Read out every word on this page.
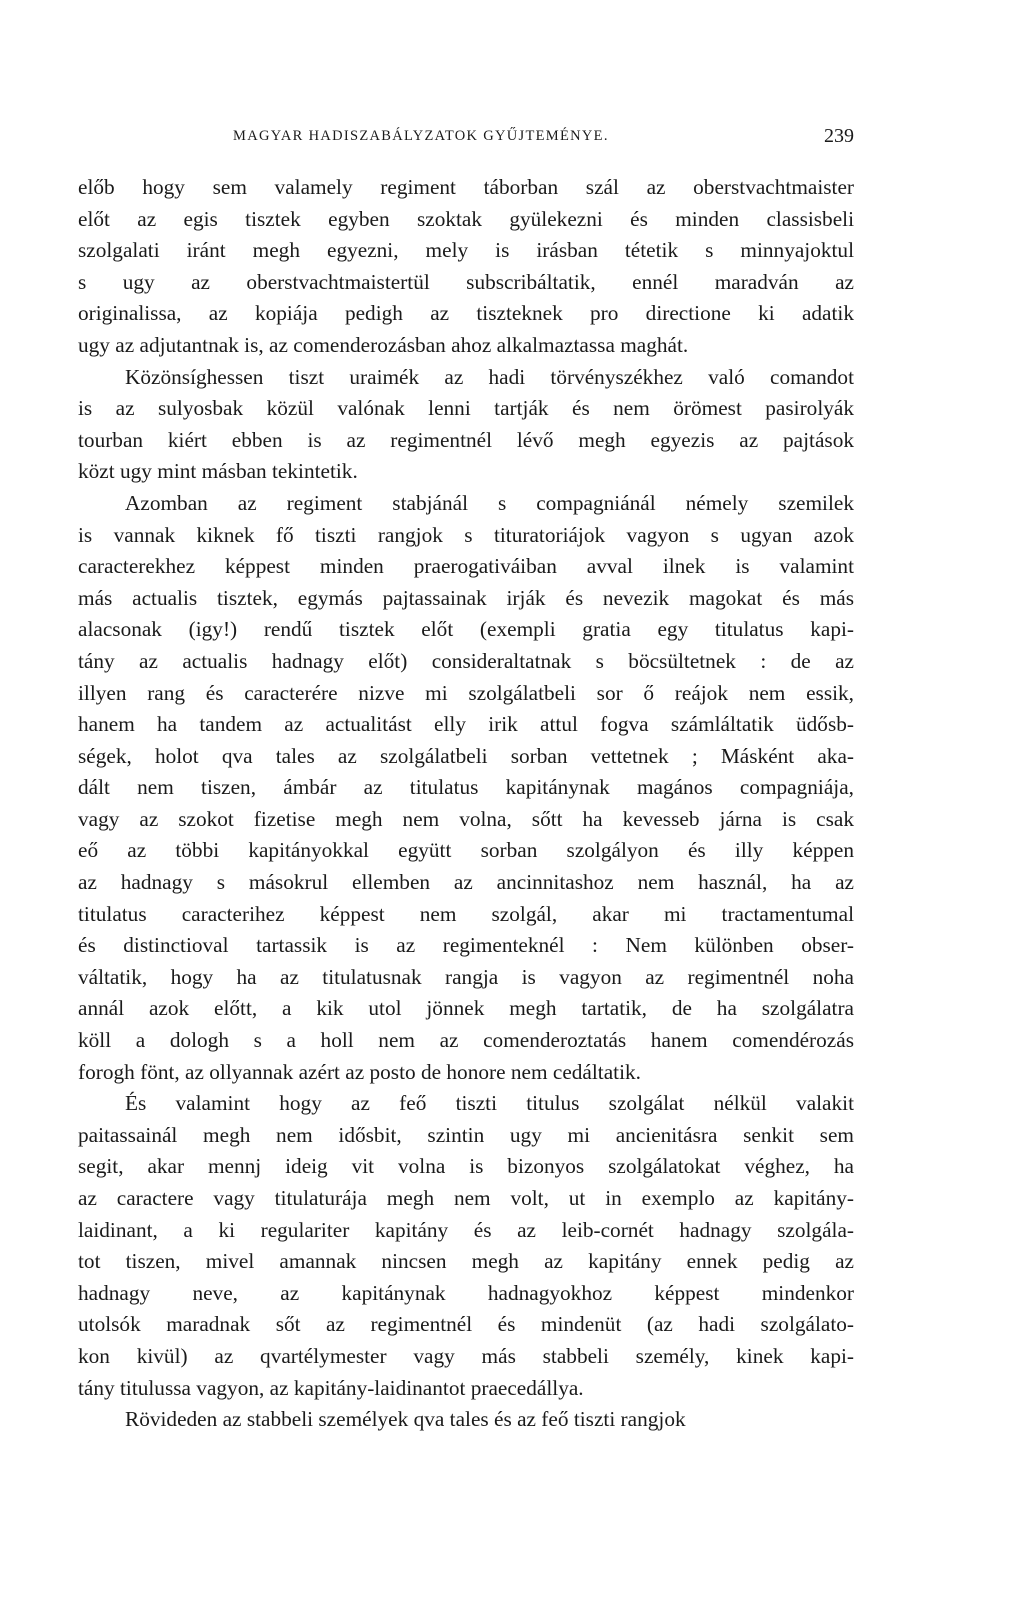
MAGYAR HADISZABÁLYZATOK GYŰJTEMÉNYE.	239
előb hogy sem valamely regiment táborban szál az oberstvachtmaister
előt az egis tisztek egyben szoktak gyülekezni és minden classisbeli
szolgalati iránt megh egyezni, mely is irásban tétetik s minnyajoktul
s ugy az oberstvachtmaistertül subscribáltatik, ennél maradván az
originalissa, az kopiája pedigh az tiszteknek pro directione ki adatik
ugy az adjutantnak is, az comenderozásban ahoz alkalmaztassa maghát.
Közönsíghessen tiszt uraimék az hadi törvényszékhez való comandot
is az sulyosbak közül valónak lenni tartják és nem örömest pasirolyák
tourban kiért ebben is az regimentnél lévő megh egyezis az pajtások
közt ugy mint másban tekintetik.
Azomban az regiment stabjánál s compagniánál némely szemilek
is vannak kiknek fő tiszti rangjok s tituratoriájok vagyon s ugyan azok
caracterekhez képpest minden praerogativáiban avval ilnek is valamint
más actualis tisztek, egymás pajtassainak irják és nevezik magokat és más
alacsonak (igy!) rendű tisztek előt (exempli gratia egy titulatus kapi-
tány az actualis hadnagy előt) consideraltatnak s böcsültetnek : de az
illyen rang és caracterére nizve mi szolgálatbeli sor ő reájok nem essik,
hanem ha tandem az actualitást elly irik attul fogva számláltatik üdősb-
ségek, holot qva tales az szolgálatbeli sorban vettetnek ; Másként aka-
dált nem tiszen, ámbár az titulatus kapitánynak magános compagniája,
vagy az szokot fizetise megh nem volna, sőtt ha kevesseb járna is csak
eő az többi kapitányokkal együtt sorban szolgályon és illy képpen
az hadnagy s másokrul ellemben az ancinnitashoz nem használ, ha az
titulatus caracterihez képpest nem szolgál, akar mi tractamentumal
és distinctioval tartassik is az regimenteknél : Nem különben obser-
váltatik, hogy ha az titulatusnak rangja is vagyon az regimentnél noha
annál azok előtt, a kik utol jönnek megh tartatik, de ha szolgálatra
köll a dologh s a holl nem az comenderoztatás hanem comendérozás
forogh fönt, az ollyannak azért az posto de honore nem cedáltatik.
És valamint hogy az feő tiszti titulus szolgálat nélkül valakit
paitassainál megh nem idősbit, szintin ugy mi ancienitásra senkit sem
segit, akar mennj ideig vit volna is bizonyos szolgálatokat véghez, ha
az caractere vagy titulaturája megh nem volt, ut in exemplo az kapitány-
laidinant, a ki regulariter kapitány és az leib-cornét hadnagy szolgála-
tot tiszen, mivel amannak nincsen megh az kapitány ennek pedig az
hadnagy neve, az kapitánynak hadnagyokhoz képpest mindenkor
utolsók maradnak sőt az regimentnél és mindenüt (az hadi szolgálato-
kon kivül) az qvartélymester vagy más stabbeli személy, kinek kapi-
tány titulussa vagyon, az kapitány-laidinantot praecedállya.
Rövideden az stabbeli személyek qva tales és az feő tiszti rangjok
